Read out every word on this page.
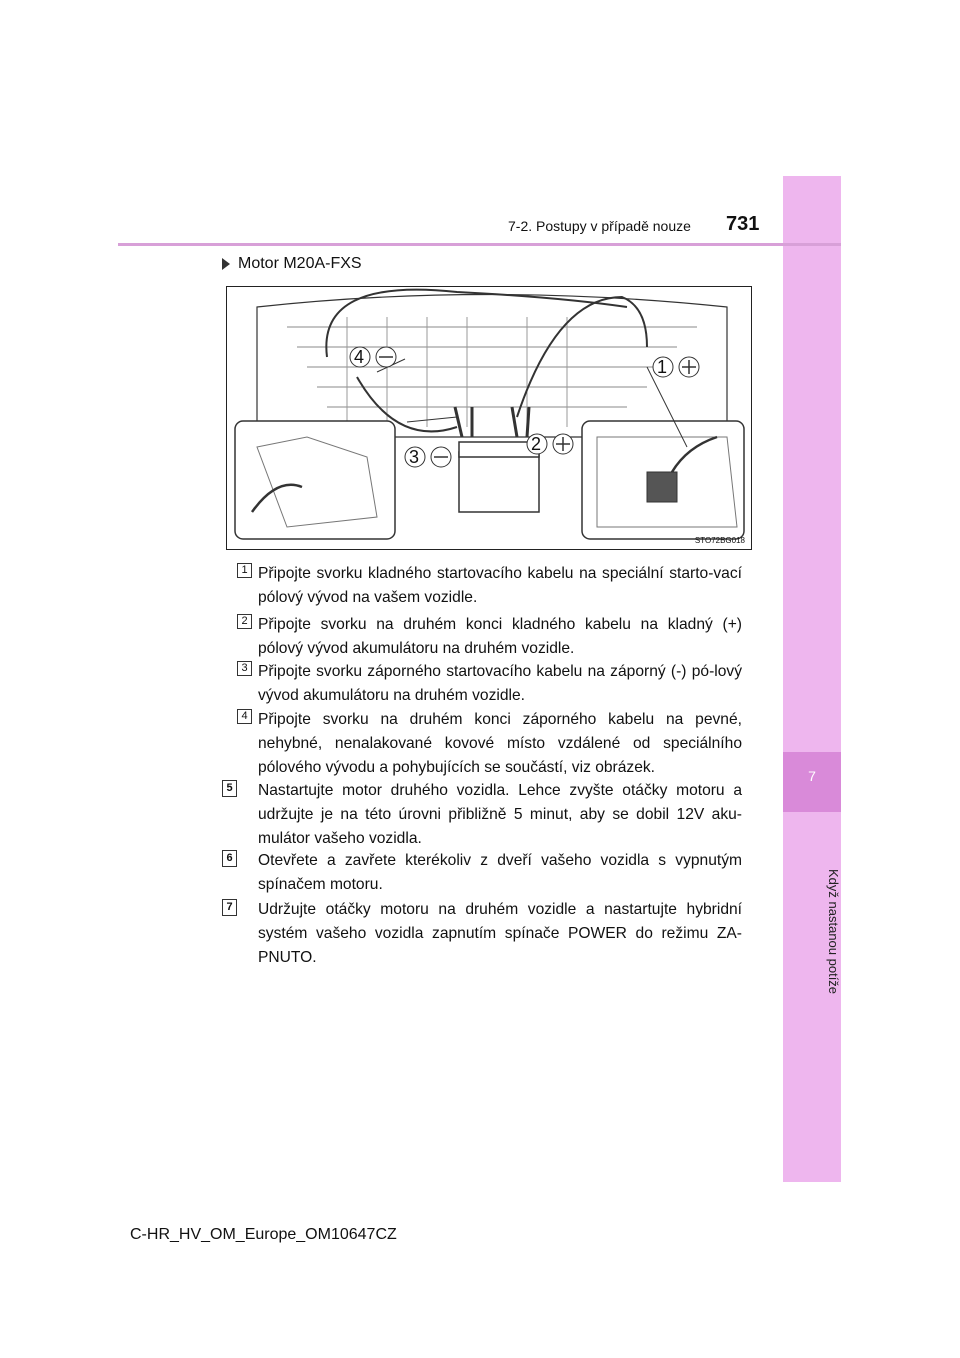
7
Když nastanou potíže
7-2. Postupy v případě nouze 731
Motor M20A-FXS
4	1
2
3
STO72BG018
1 Připojte svorku kladného startovacího kabelu na speciální starto-vací pólový vývod na vašem vozidle.
2 Připojte svorku na druhém konci kladného kabelu na kladný (+) pólový vývod akumulátoru na druhém vozidle.
3 Připojte svorku záporného startovacího kabelu na záporný (-) pó-lový vývod akumulátoru na druhém vozidle.
4 Připojte svorku na druhém konci záporného kabelu na pevné, nehybné, nenalakované kovové místo vzdálené od speciálního pólového vývodu a pohybujících se součástí, viz obrázek.
5 Nastartujte motor druhého vozidla. Lehce zvyšte otáčky motoru a udržujte je na této úrovni přibližně 5 minut, aby se dobil 12V aku-mulátor vašeho vozidla.
6 Otevřete a zavřete kterékoliv z dveří vašeho vozidla s vypnutým spínačem motoru.
7 Udržujte otáčky motoru na druhém vozidle a nastartujte hybridní systém vašeho vozidla zapnutím spínače POWER do režimu ZA-PNUTO.
C-HR_HV_OM_Europe_OM10647CZ
